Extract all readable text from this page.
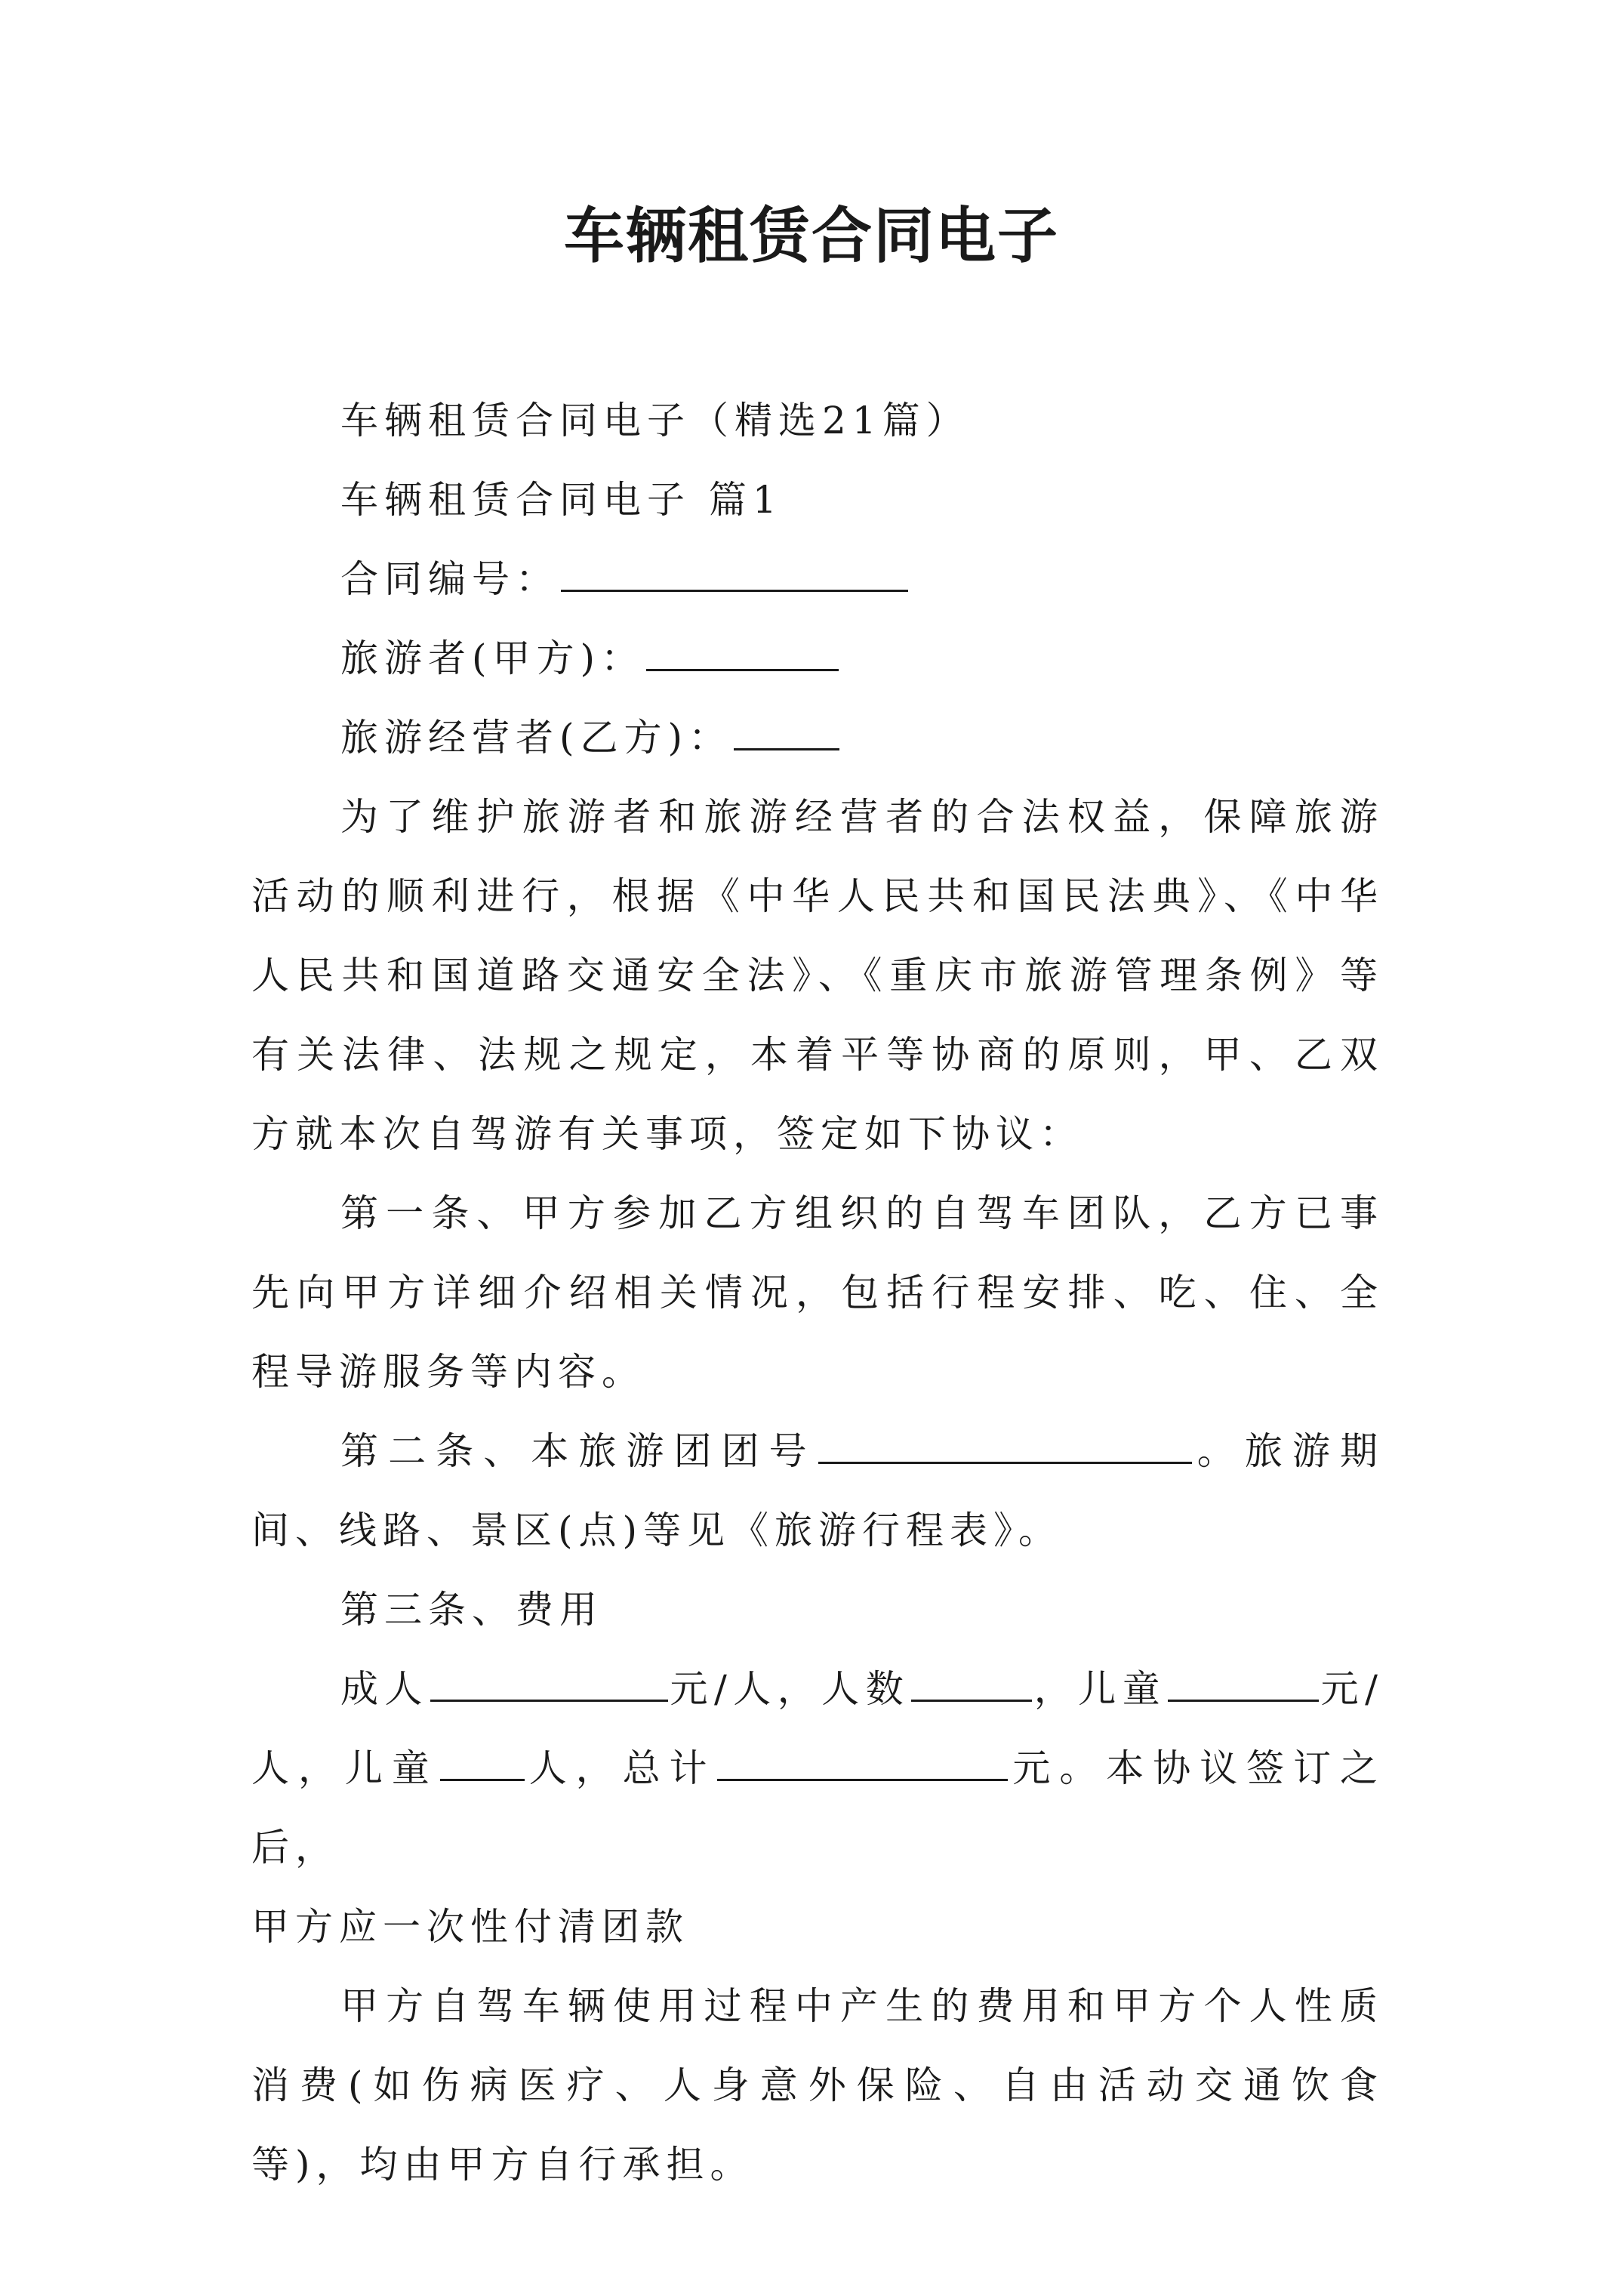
车辆租赁合同电子
车辆租赁合同电子（精选21篇）
车辆租赁合同电子 篇1
合同编号：
旅游者(甲方)：
旅游经营者(乙方)：
为了维护旅游者和旅游经营者的合法权益，保障旅游活动的顺利进行，根据《中华人民共和国民法典》、《中华人民共和国道路交通安全法》、《重庆市旅游管理条例》等有关法律、法规之规定，本着平等协商的原则，甲、乙双方就本次自驾游有关事项，签定如下协议：
第一条、甲方参加乙方组织的自驾车团队，乙方已事先向甲方详细介绍相关情况，包括行程安排、吃、住、全程导游服务等内容。
第二条、本旅游团团号	。旅游期间、线路、景区(点)等见《旅游行程表》。
第三条、费用
成人	元/人，人数	，儿童	元/人，儿童 人，总计	元。本协议签订之后，
甲方应一次性付清团款
甲方自驾车辆使用过程中产生的费用和甲方个人性质消费(如伤病医疗、人身意外保险、自由活动交通饮食等)，均由甲方自行承担。
